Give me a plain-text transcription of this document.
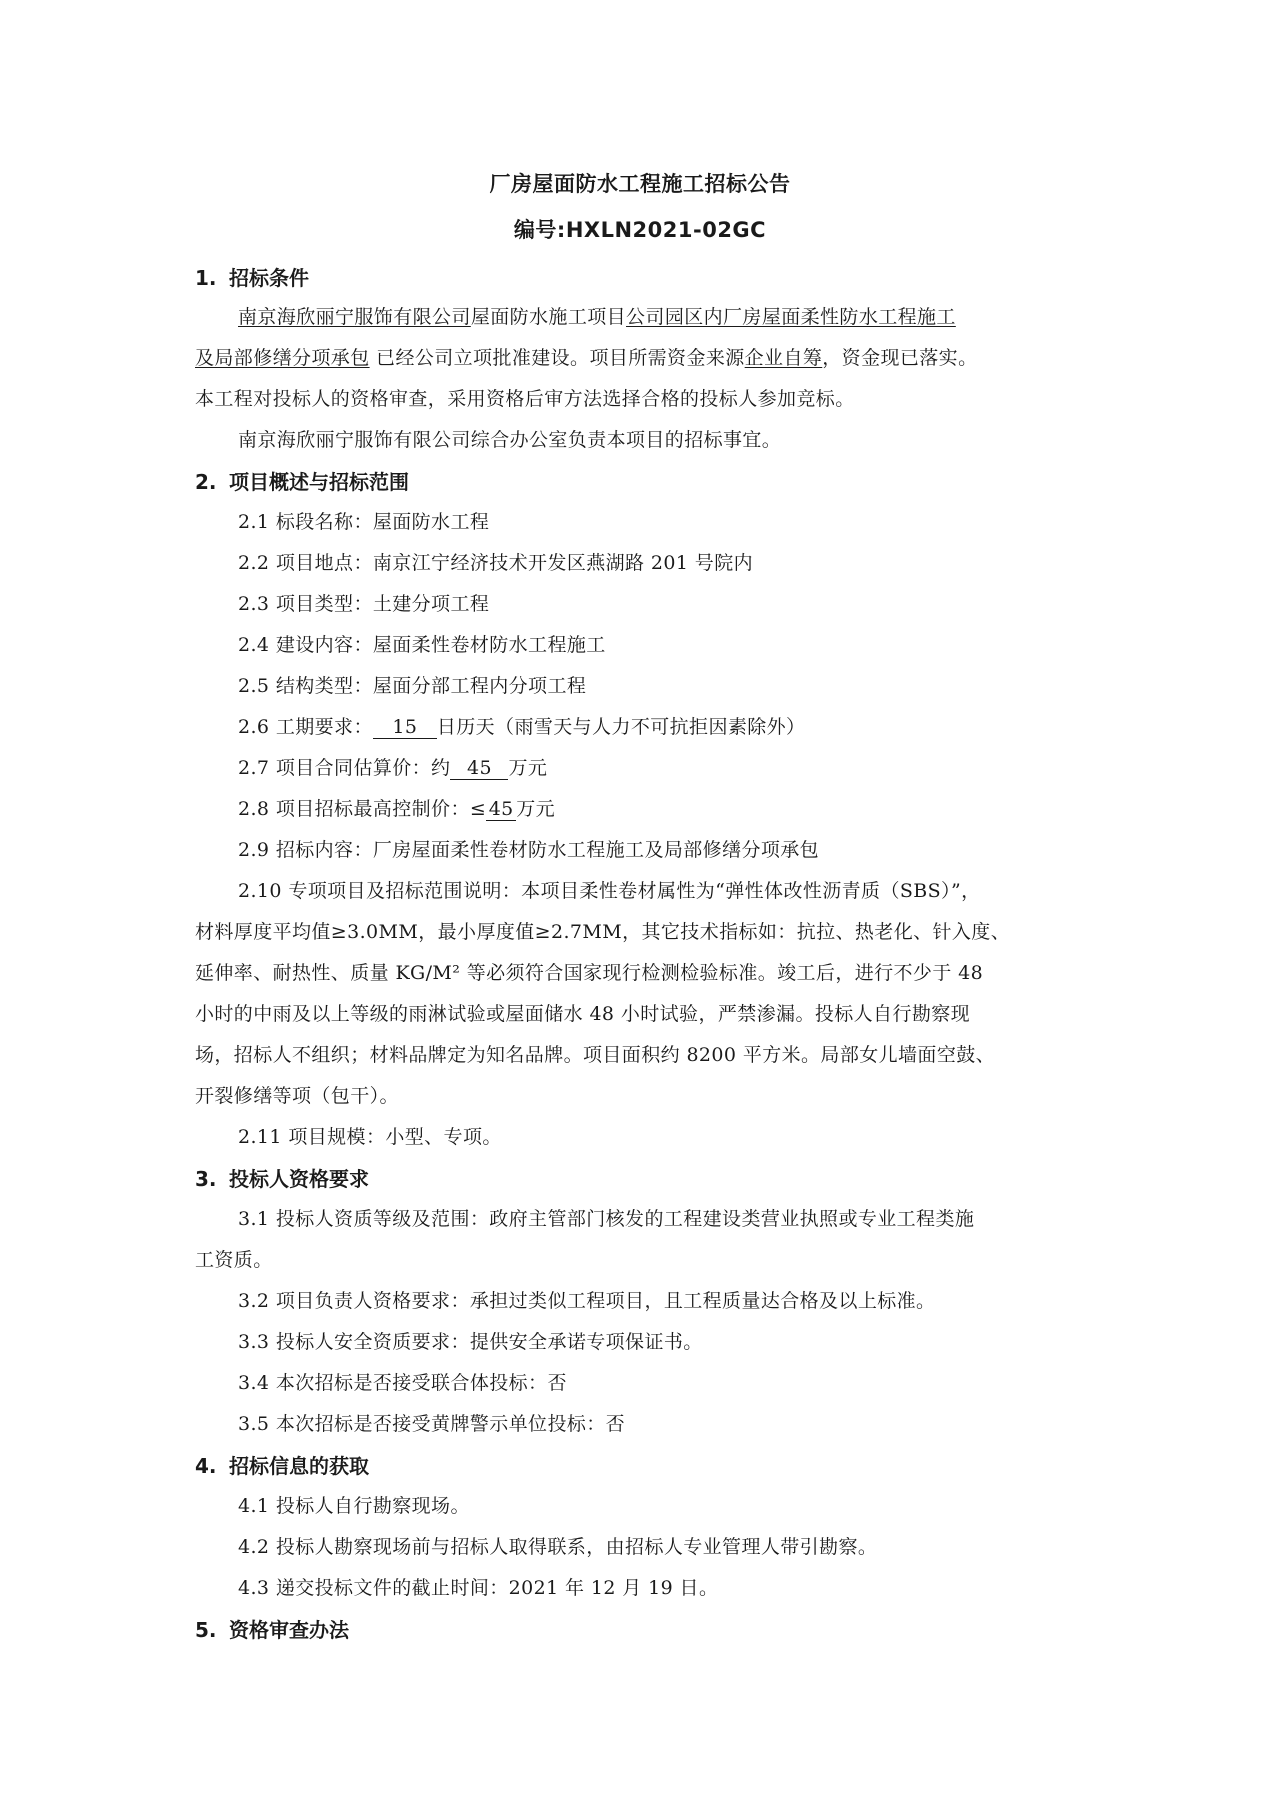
厂房屋面防水工程施工招标公告
编号:HXLN2021-02GC
1. 招标条件
南京海欣丽宁服饰有限公司屋面防水施工项目公司园区内厂房屋面柔性防水工程施工
及局部修缮分项承包 已经公司立项批准建设。项目所需资金来源企业自筹，资金现已落实。
本工程对投标人的资格审查，采用资格后审方法选择合格的投标人参加竞标。
南京海欣丽宁服饰有限公司综合办公室负责本项目的招标事宜。
2. 项目概述与招标范围
2.1 标段名称：屋面防水工程
2.2 项目地点：南京江宁经济技术开发区燕湖路 201 号院内
2.3 项目类型：土建分项工程
2.4 建设内容：屋面柔性卷材防水工程施工
2.5 结构类型：屋面分部工程内分项工程
2.6 工期要求： 15 日历天（雨雪天与人力不可抗拒因素除外）
2.7 项目合同估算价：约 45 万元
2.8 项目招标最高控制价：≤ 45 万元
2.9 招标内容：厂房屋面柔性卷材防水工程施工及局部修缮分项承包
2.10 专项项目及招标范围说明：本项目柔性卷材属性为“弹性体改性沥青质（SBS）”，
材料厚度平均值≥3.0MM，最小厚度值≥2.7MM，其它技术指标如：抗拉、热老化、针入度、
延伸率、耐热性、质量 KG/M² 等必须符合国家现行检测检验标准。竣工后，进行不少于 48
小时的中雨及以上等级的雨淋试验或屋面储水 48 小时试验，严禁渗漏。投标人自行勘察现
场，招标人不组织；材料品牌定为知名品牌。项目面积约 8200 平方米。局部女儿墙面空鼓、
开裂修缮等项（包干）。
2.11 项目规模：小型、专项。
3. 投标人资格要求
3.1 投标人资质等级及范围：政府主管部门核发的工程建设类营业执照或专业工程类施
工资质。
3.2 项目负责人资格要求：承担过类似工程项目，且工程质量达合格及以上标准。
3.3 投标人安全资质要求：提供安全承诺专项保证书。
3.4 本次招标是否接受联合体投标：否
3.5 本次招标是否接受黄牌警示单位投标：否
4. 招标信息的获取
4.1 投标人自行勘察现场。
4.2 投标人勘察现场前与招标人取得联系，由招标人专业管理人带引勘察。
4.3 递交投标文件的截止时间：2021 年 12 月 19 日。
5. 资格审查办法
